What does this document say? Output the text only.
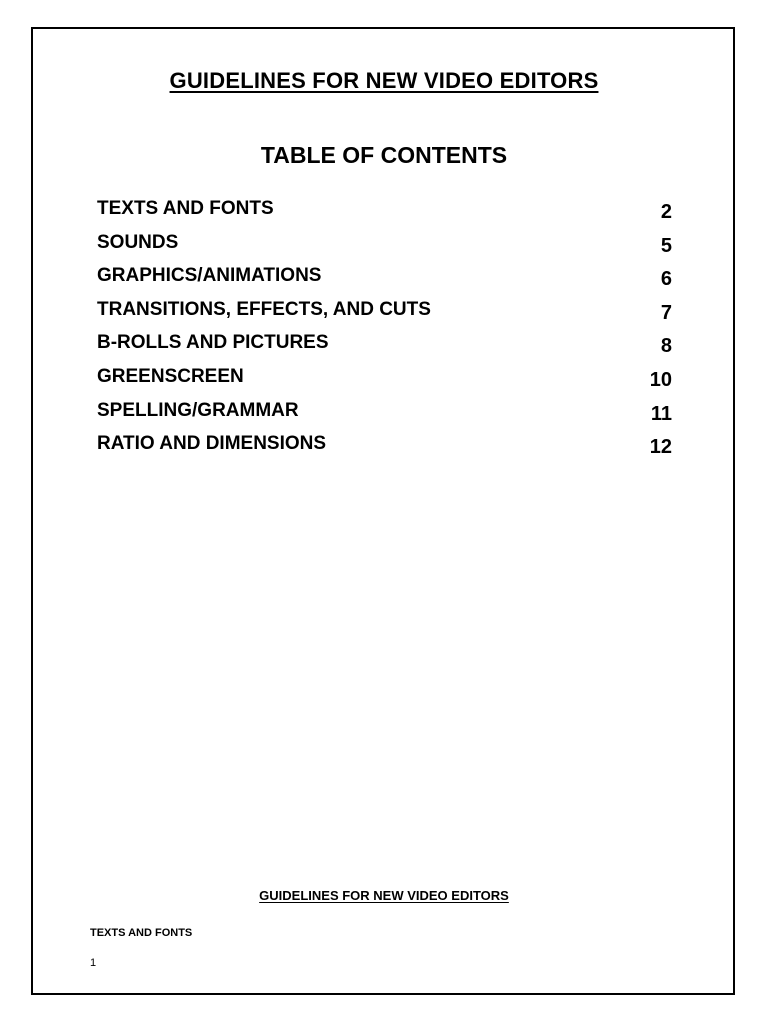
GUIDELINES FOR NEW VIDEO EDITORS
TABLE OF CONTENTS
TEXTS AND FONTS	2
SOUNDS	5
GRAPHICS/ANIMATIONS	6
TRANSITIONS, EFFECTS, AND CUTS	7
B-ROLLS AND PICTURES	8
GREENSCREEN	10
SPELLING/GRAMMAR	11
RATIO AND DIMENSIONS	12
GUIDELINES FOR NEW VIDEO EDITORS
TEXTS AND FONTS
1
